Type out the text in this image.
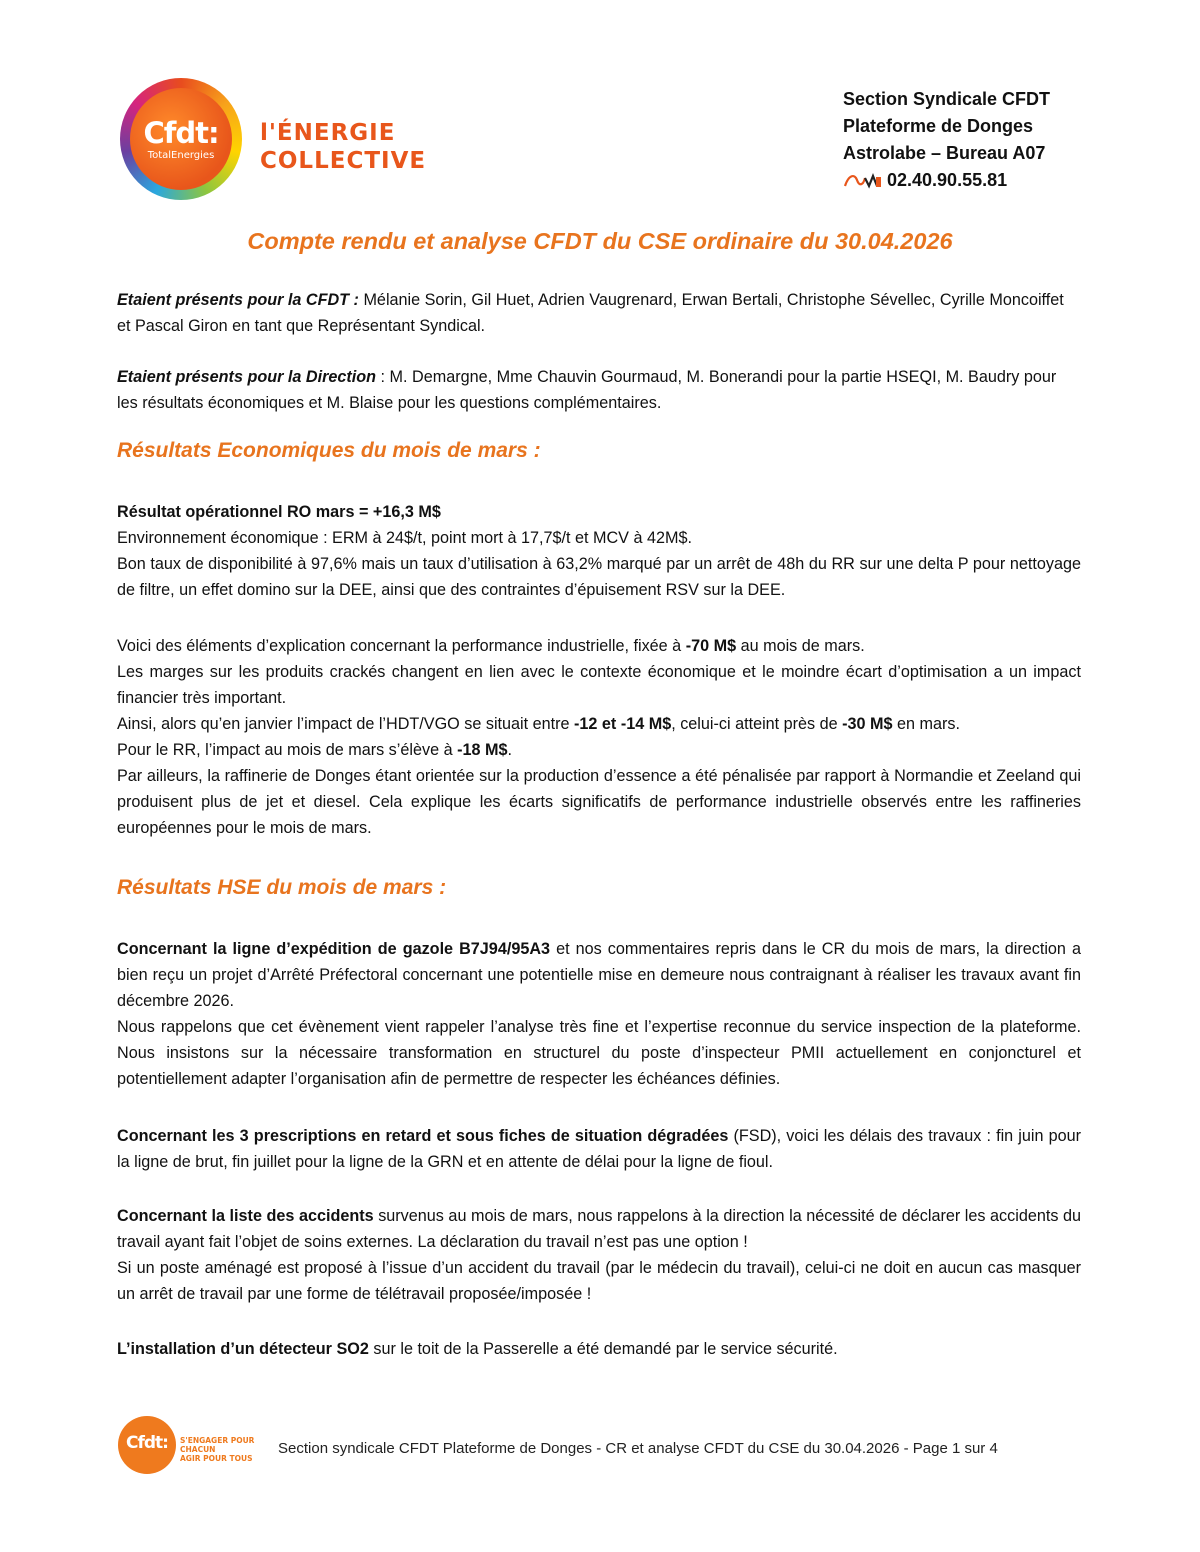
Cfdt:
TotalEnergies
l'ÉNERGIE
COLLECTIVE
Section Syndicale CFDT
Plateforme de Donges
Astrolabe – Bureau A07
02.40.90.55.81
Compte rendu et analyse CFDT du CSE ordinaire du 30.04.2026

Etaient présents pour la CFDT : Mélanie Sorin, Gil Huet, Adrien Vaugrenard, Erwan Bertali, Christophe Sévellec, Cyrille Moncoiffet et Pascal Giron en tant que Représentant Syndical.

Etaient présents pour la Direction : M. Demargne, Mme Chauvin Gourmaud, M. Bonerandi pour la partie HSEQI, M. Baudry pour les résultats économiques et M. Blaise pour les questions complémentaires.

Résultats Economiques du mois de mars :

Résultat opérationnel RO mars = +16,3 M$

Environnement économique : ERM à 24$/t, point mort à 17,7$/t et MCV à 42M$.

Bon taux de disponibilité à 97,6% mais un taux d’utilisation à 63,2% marqué par un arrêt de 48h du RR sur une delta P pour nettoyage de filtre, un effet domino sur la DEE, ainsi que des contraintes d’épuisement RSV sur la DEE.

Voici des éléments d’explication concernant la performance industrielle, fixée à -70 M$ au mois de mars.

Les marges sur les produits crackés changent en lien avec le contexte économique et le moindre écart d’optimisation a un impact financier très important.

Ainsi, alors qu’en janvier l’impact de l’HDT/VGO se situait entre -12 et -14 M$, celui-ci atteint près de -30 M$ en mars.

Pour le RR, l’impact au mois de mars s’élève à -18 M$.

Par ailleurs, la raffinerie de Donges étant orientée sur la production d’essence a été pénalisée par rapport à Normandie et Zeeland qui produisent plus de jet et diesel. Cela explique les écarts significatifs de performance industrielle observés entre les raffineries européennes pour le mois de mars.

Résultats HSE du mois de mars :

Concernant la ligne d’expédition de gazole B7J94/95A3 et nos commentaires repris dans le CR du mois de mars, la direction a bien reçu un projet d’Arrêté Préfectoral concernant une potentielle mise en demeure nous contraignant à réaliser les travaux avant fin décembre 2026.

Nous rappelons que cet évènement vient rappeler l’analyse très fine et l’expertise reconnue du service inspection de la plateforme. Nous insistons sur la nécessaire transformation en structurel du poste d’inspecteur PMII actuellement en conjoncturel et potentiellement adapter l’organisation afin de permettre de respecter les échéances définies.

Concernant les 3 prescriptions en retard et sous fiches de situation dégradées (FSD), voici les délais des travaux : fin juin pour la ligne de brut, fin juillet pour la ligne de la GRN et en attente de délai pour la ligne de fioul.

Concernant la liste des accidents survenus au mois de mars, nous rappelons à la direction la nécessité de déclarer les accidents du travail ayant fait l’objet de soins externes. La déclaration du travail n’est pas une option !

Si un poste aménagé est proposé à l’issue d’un accident du travail (par le médecin du travail), celui-ci ne doit en aucun cas masquer un arrêt de travail par une forme de télétravail proposée/imposée !

L’installation d’un détecteur SO2 sur le toit de la Passerelle a été demandé par le service sécurité.

Cfdt:	S'ENGAGER POUR CHACUN
AGIR POUR TOUS
Section syndicale CFDT Plateforme de Donges - CR et analyse CFDT du CSE du 30.04.2026 - Page 1 sur 4
